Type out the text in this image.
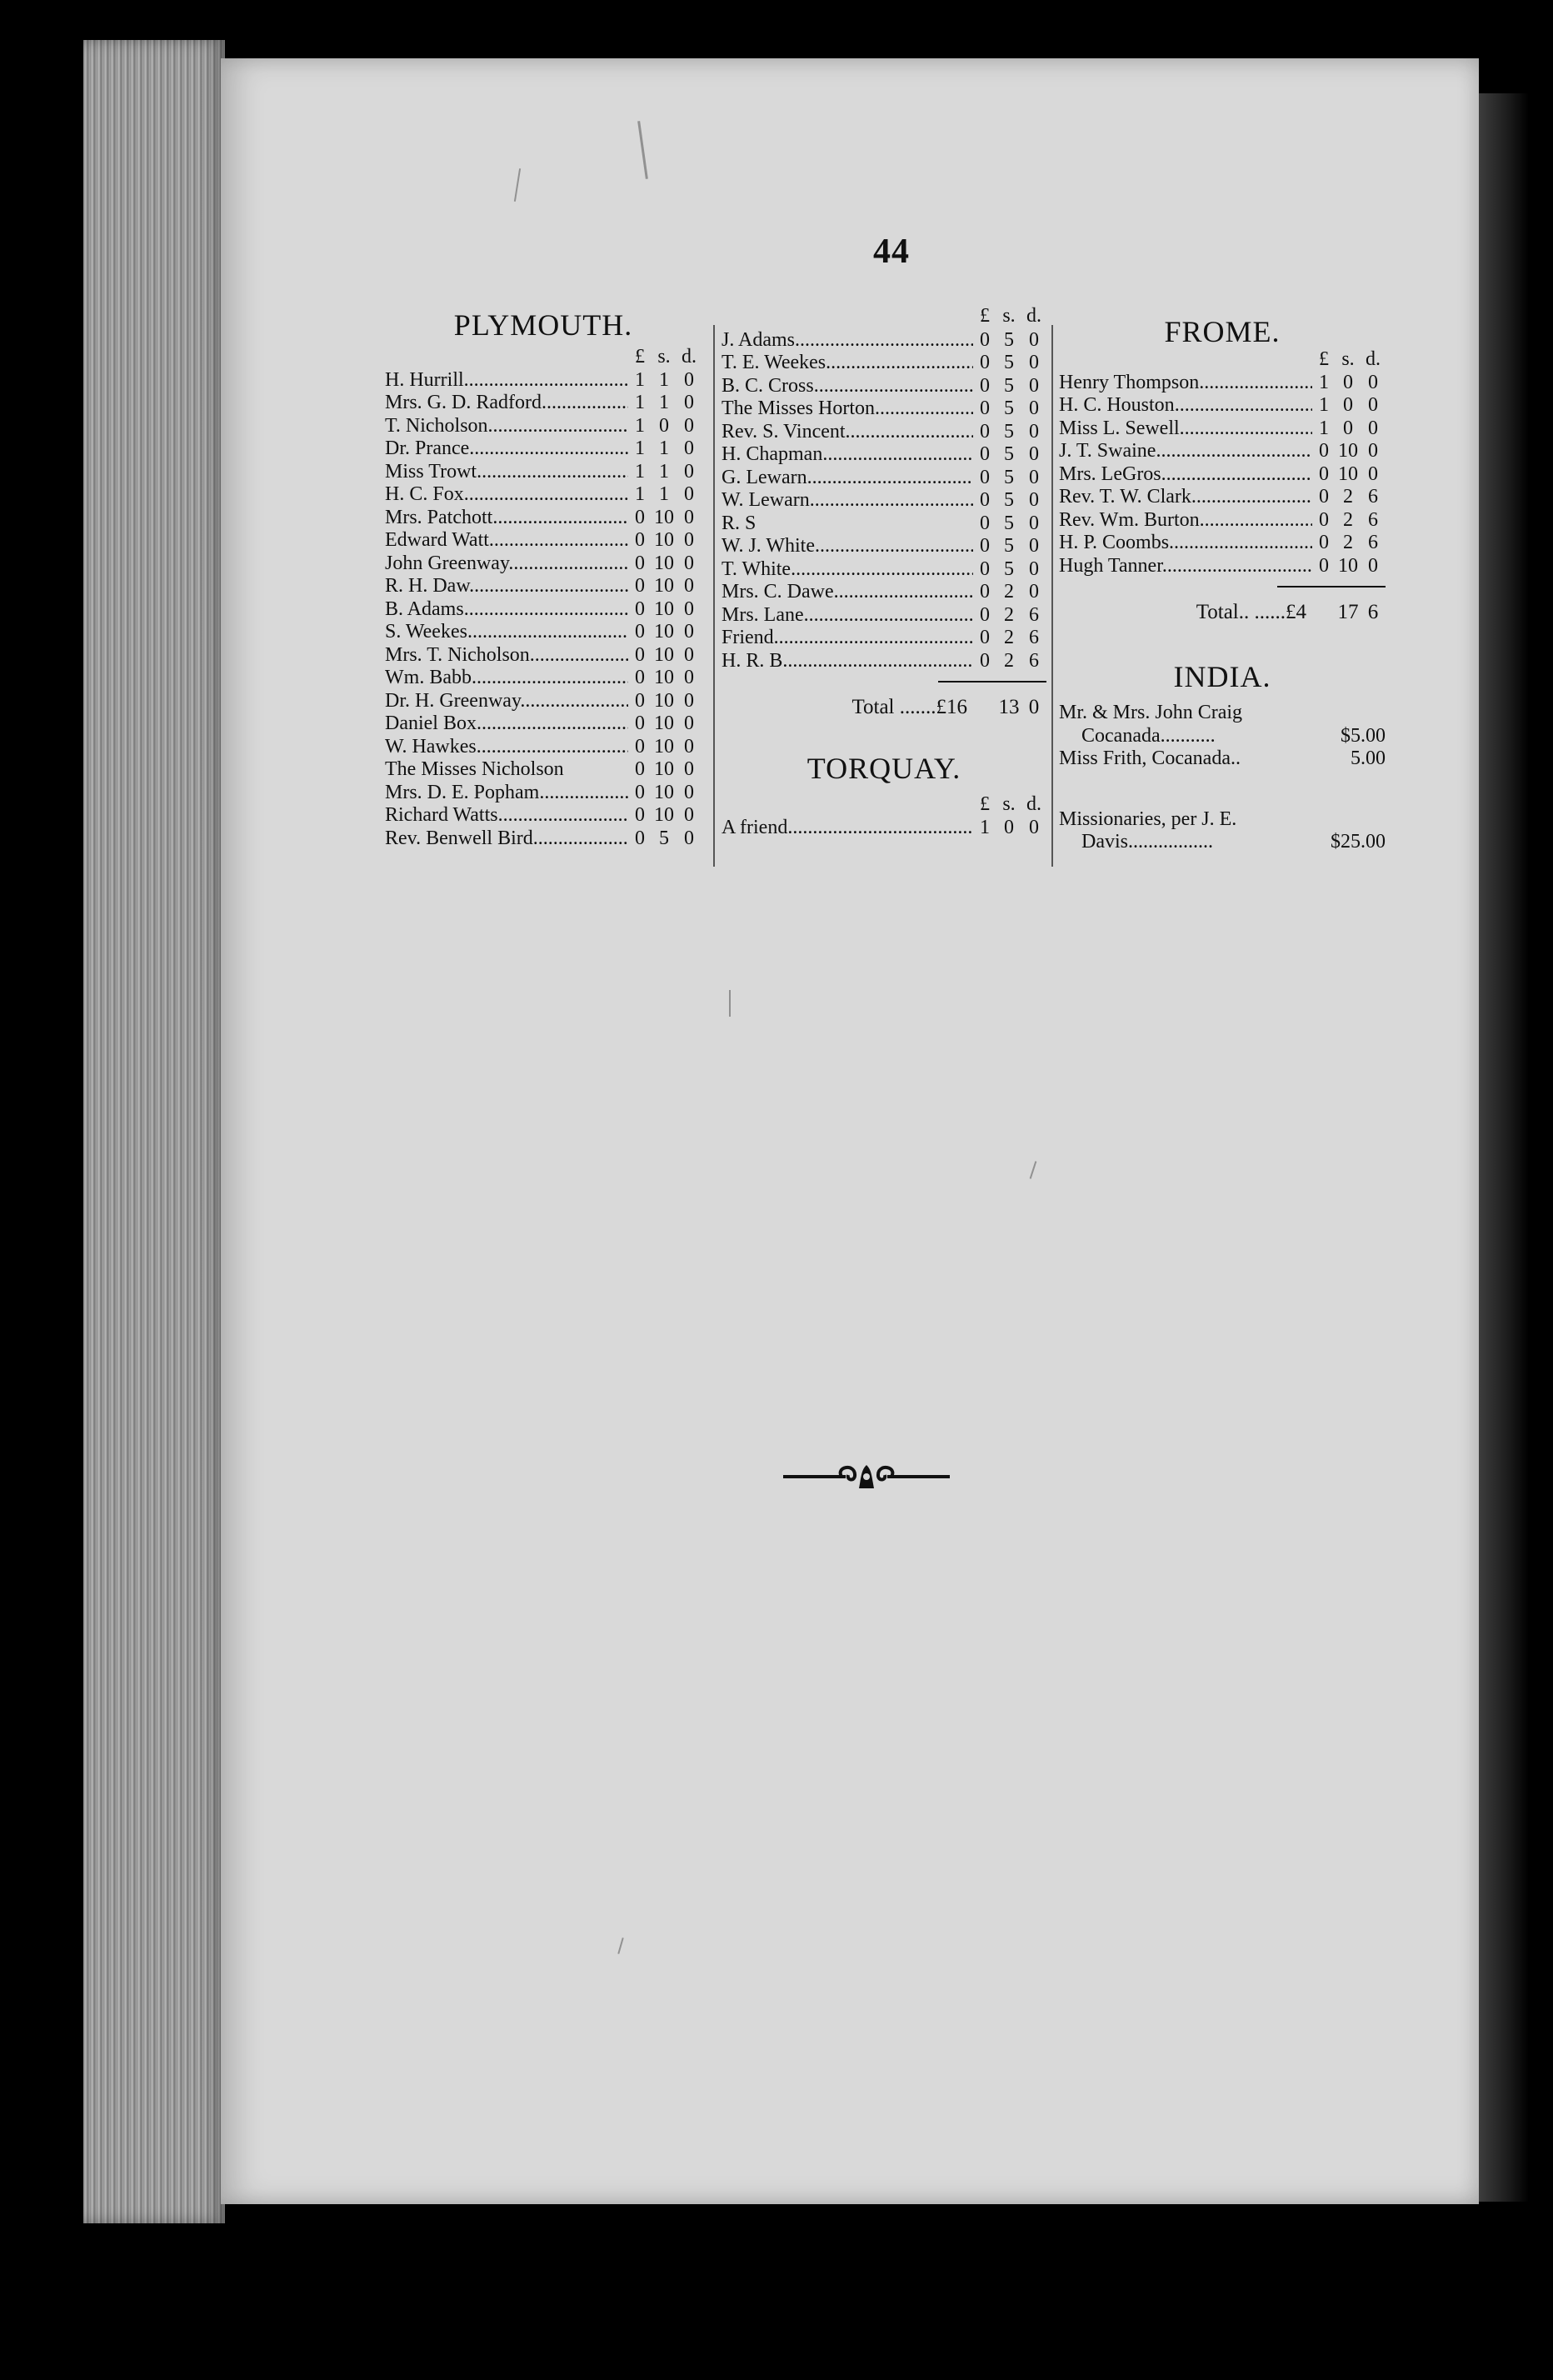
44
PLYMOUTH.
£ s. d.
H. Hurrill .....	1 1 0
Mrs. G. D. Radford .....	1 1 0
T. Nicholson .....	1 0 0
Dr. Prance .....	1 1 0
Miss Trowt .....	1 1 0
H. C. Fox .....	1 1 0
Mrs. Patchott .....	0 10 0
Edward Watt .....	0 10 0
John Greenway .....	0 10 0
R. H. Daw .....	0 10 0
B. Adams .....	0 10 0
S. Weekes .....	0 10 0
Mrs. T. Nicholson .....	0 10 0
Wm. Babb .....	0 10 0
Dr. H. Greenway .....	0 10 0
Daniel Box .....	0 10 0
W. Hawkes .....	0 10 0
The Misses Nicholson	0 10 0
Mrs. D. E. Popham .....	0 10 0
Richard Watts .....	0 10 0
Rev. Benwell Bird .....	0 5 0
£ s. d.
J. Adams .....	0 5 0
T. E. Weekes .....	0 5 0
B. C. Cross .....	0 5 0
The Misses Horton .....	0 5 0
Rev. S. Vincent .....	0 5 0
H. Chapman .....	0 5 0
G. Lewarn .....	0 5 0
W. Lewarn .....	0 5 0
R. S	0 5 0
W. J. White .....	0 5 0
T. White .....	0 5 0
Mrs. C. Dawe .....	0 2 0
Mrs. Lane .....	0 2 6
Friend .....	0 2 6
H. R. B .....	0 2 6
Total .......£16 13 0
TORQUAY.
£ s. d.
A friend .....	1 0 0
FROME.
£ s. d.
Henry Thompson .....	1 0 0
H. C. Houston .....	1 0 0
Miss L. Sewell .....	1 0 0
J. T. Swaine .....	0 10 0
Mrs. LeGros .....	0 10 0
Rev. T. W. Clark .....	0 2 6
Rev. Wm. Burton .....	0 2 6
H. P. Coombs .....	0 2 6
Hugh Tanner .....	0 10 0
Total.. ......£4 17 6
INDIA.
Mr. & Mrs. John Craig
Cocanada...........	$5.00
Miss Frith, Cocanada..	5.00
Missionaries, per J. E.
Davis.................	$25.00
